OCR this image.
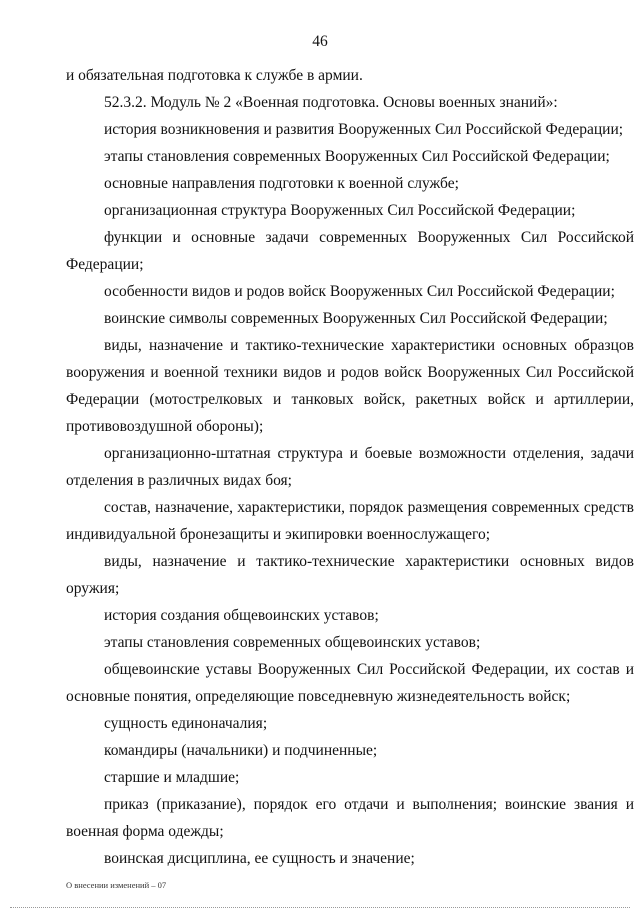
46

и обязательная подготовка к службе в армии.

52.3.2. Модуль № 2 «Военная подготовка. Основы военных знаний»:

история возникновения и развития Вооруженных Сил Российской Федерации;

этапы становления современных Вооруженных Сил Российской Федерации;

основные направления подготовки к военной службе;

организационная структура Вооруженных Сил Российской Федерации;

функции и основные задачи современных Вооруженных Сил Российской Федерации;

особенности видов и родов войск Вооруженных Сил Российской Федерации;

воинские символы современных Вооруженных Сил Российской Федерации;

виды, назначение и тактико-технические характеристики основных образцов вооружения и военной техники видов и родов войск Вооруженных Сил Российской Федерации (мотострелковых и танковых войск, ракетных войск и артиллерии, противовоздушной обороны);

организационно-штатная структура и боевые возможности отделения, задачи отделения в различных видах боя;

состав, назначение, характеристики, порядок размещения современных средств индивидуальной бронезащиты и экипировки военнослужащего;

виды, назначение и тактико-технические характеристики основных видов оружия;

история создания общевоинских уставов;

этапы становления современных общевоинских уставов;

общевоинские уставы Вооруженных Сил Российской Федерации, их состав и основные понятия, определяющие повседневную жизнедеятельность войск;

сущность единоначалия;

командиры (начальники) и подчиненные;

старшие и младшие;

приказ (приказание), порядок его отдачи и выполнения; воинские звания и военная форма одежды;

воинская дисциплина, ее сущность и значение;

О внесении изменений – 07
